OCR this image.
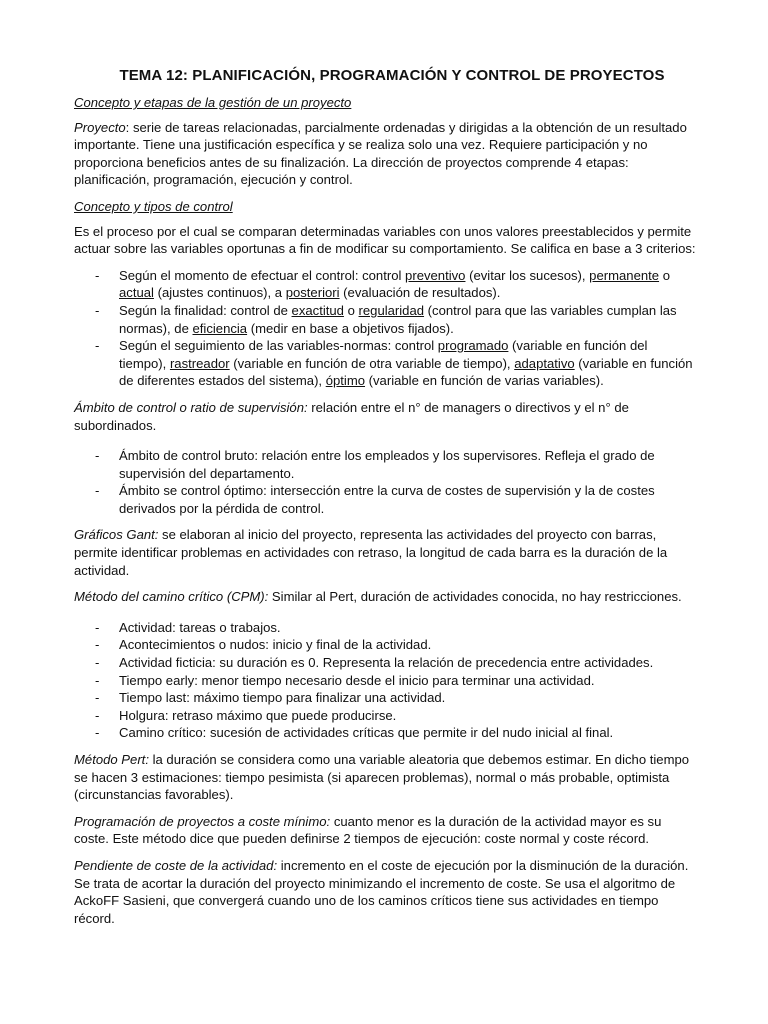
TEMA 12: PLANIFICACIÓN, PROGRAMACIÓN Y CONTROL DE PROYECTOS

Concepto y etapas de la gestión de un proyecto

Proyecto: serie de tareas relacionadas, parcialmente ordenadas y dirigidas a la obtención de un resultado importante. Tiene una justificación específica y se realiza solo una vez. Requiere participación y no proporciona beneficios antes de su finalización. La dirección de proyectos comprende 4 etapas: planificación, programación, ejecución y control.

Concepto y tipos de control

Es el proceso por el cual se comparan determinadas variables con unos valores preestablecidos y permite actuar sobre las variables oportunas a fin de modificar su comportamiento. Se califica en base a 3 criterios:

- Según el momento de efectuar el control: control preventivo (evitar los sucesos), permanente o actual (ajustes continuos), a posteriori (evaluación de resultados).
- Según la finalidad: control de exactitud o regularidad (control para que las variables cumplan las normas), de eficiencia (medir en base a objetivos fijados).
- Según el seguimiento de las variables-normas: control programado (variable en función del tiempo), rastreador (variable en función de otra variable de tiempo), adaptativo (variable en función de diferentes estados del sistema), óptimo (variable en función de varias variables).

Ámbito de control o ratio de supervisión: relación entre el n° de managers o directivos y el n° de subordinados.

- Ámbito de control bruto: relación entre los empleados y los supervisores. Refleja el grado de supervisión del departamento.
- Ámbito se control óptimo: intersección entre la curva de costes de supervisión y la de costes derivados por la pérdida de control.

Gráficos Gant: se elaboran al inicio del proyecto, representa las actividades del proyecto con barras, permite identificar problemas en actividades con retraso, la longitud de cada barra es la duración de la actividad.

Método del camino crítico (CPM): Similar al Pert, duración de actividades conocida, no hay restricciones.

- Actividad: tareas o trabajos.
- Acontecimientos o nudos: inicio y final de la actividad.
- Actividad ficticia: su duración es 0. Representa la relación de precedencia entre actividades.
- Tiempo early: menor tiempo necesario desde el inicio para terminar una actividad.
- Tiempo last: máximo tiempo para finalizar una actividad.
- Holgura: retraso máximo que puede producirse.
- Camino crítico: sucesión de actividades críticas que permite ir del nudo inicial al final.

Método Pert: la duración se considera como una variable aleatoria que debemos estimar. En dicho tiempo se hacen 3 estimaciones: tiempo pesimista (si aparecen problemas), normal o más probable, optimista (circunstancias favorables).

Programación de proyectos a coste mínimo: cuanto menor es la duración de la actividad mayor es su coste. Este método dice que pueden definirse 2 tiempos de ejecución: coste normal y coste récord.

Pendiente de coste de la actividad: incremento en el coste de ejecución por la disminución de la duración. Se trata de acortar la duración del proyecto minimizando el incremento de coste. Se usa el algoritmo de AckoFF Sasieni, que convergerá cuando uno de los caminos críticos tiene sus actividades en tiempo récord.
